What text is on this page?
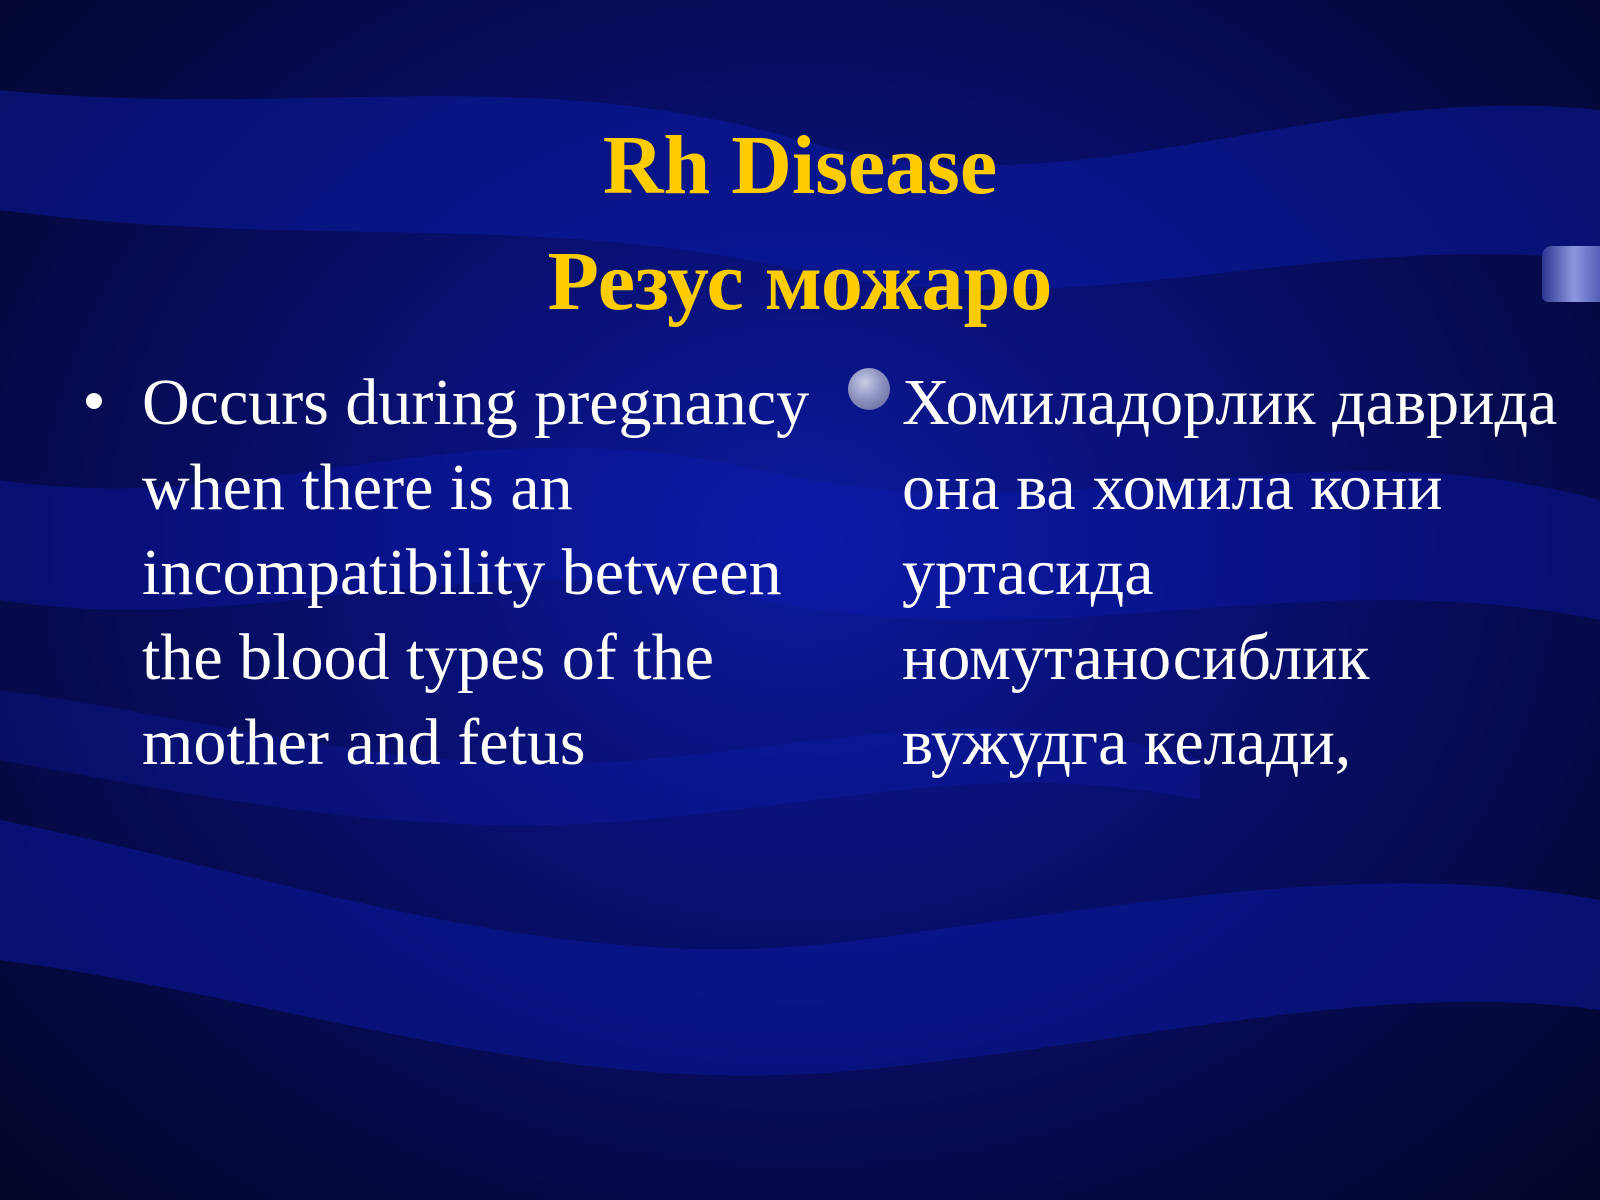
Rh Disease
Резус можаро
Occurs during pregnancy when there is an incompatibility between the blood types of the mother and fetus
Хомиладорлик даврида она ва хомила кони уртасида номутаносиблик вужудга келади,
